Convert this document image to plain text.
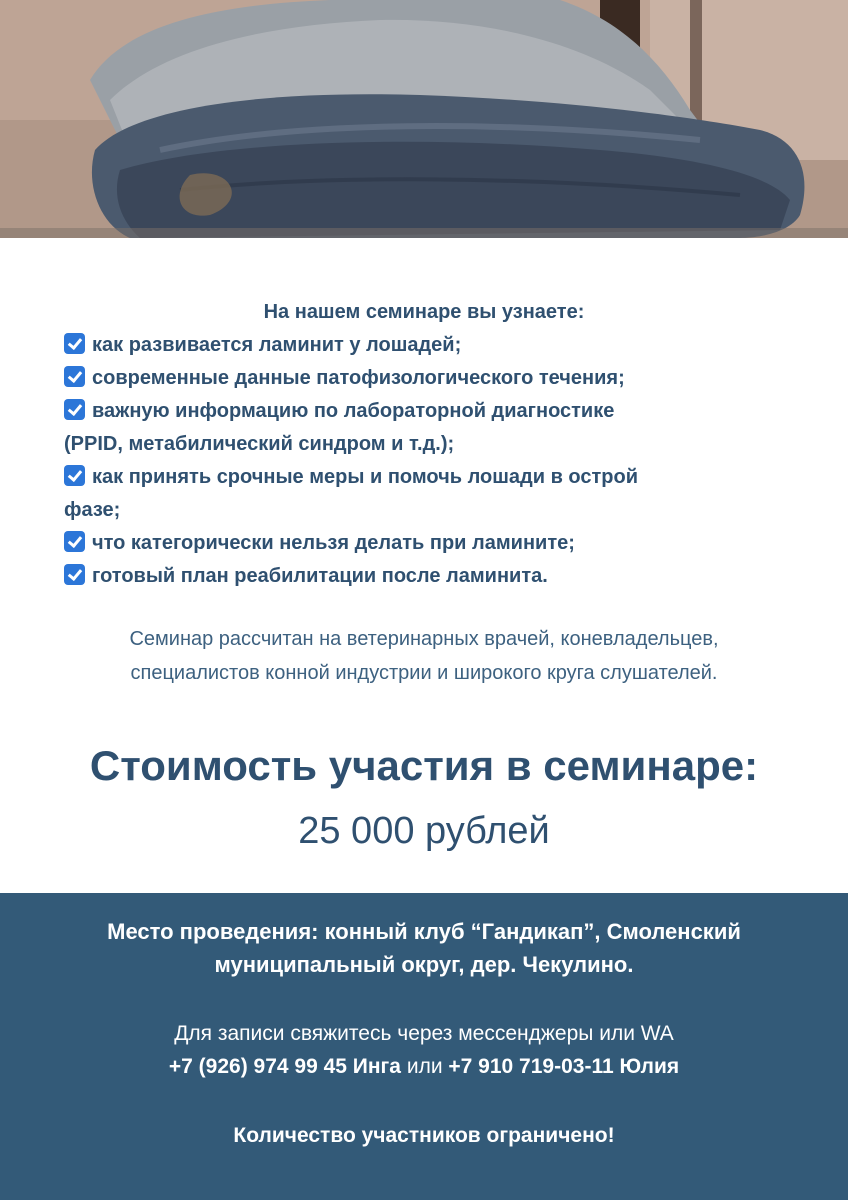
На нашем семинаре вы узнаете:
как развивается ламинит у лошадей;
современные данные патофизологического течения;
важную информацию по лабораторной диагностике
(PPID, метабилический синдром и т.д.);
как принять срочные меры и помочь лошади в острой
фазе;
что категорически нельзя делать при ламините;
готовый план реабилитации после ламинита.
Семинар рассчитан на ветеринарных врачей, коневладельцев,
специалистов конной индустрии и широкого круга слушателей.
Стоимость участия в семинаре:
25 000 рублей
Место проведения: конный клуб “Гандикап”, Смоленский
муниципальный округ, дер. Чекулино.
Для записи свяжитесь через мессенджеры или WA
+7 (926) 974 99 45 Инга или +7 910 719-03-11 Юлия
Количество участников ограничено!
